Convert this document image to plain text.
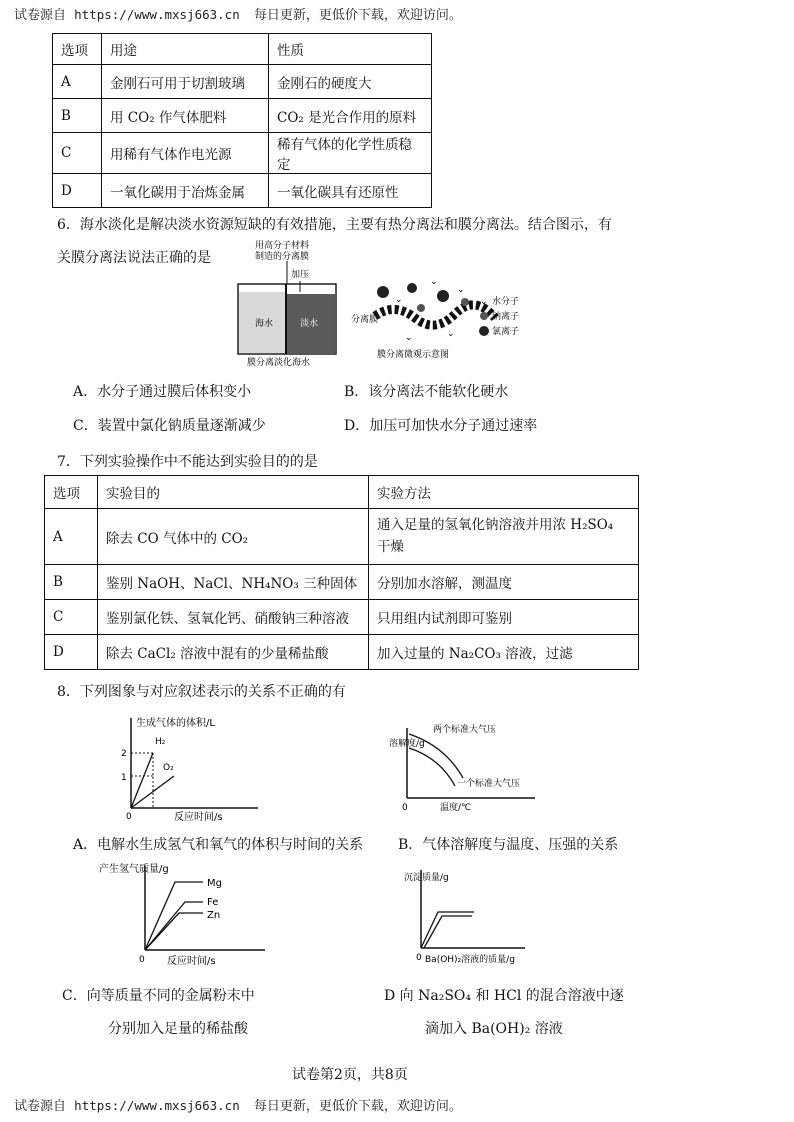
试卷源自 https://www.mxsj663.cn 每日更新，更低价下载，欢迎访问。
选项	用途	性质
A	金刚石可用于切割玻璃	金刚石的硬度大
B	用 CO₂ 作气体肥料	CO₂ 是光合作用的原料
C	用稀有气体作电光源	稀有气体的化学性质稳定
D	一氧化碳用于冶炼金属	一氧化碳具有还原性
6．海水淡化是解决淡水资源短缺的有效措施，主要有热分离法和膜分离法。结合图示，有
关膜分离法说法正确的是
用高分子材料
制造的分离膜
加压
海水	淡水
膜分离淡化海水
分离膜
⌄
⌄
⌄
⌄	⌄
膜分离微观示意图
⌄ 水分子
钠离子
氯离子
A．水分子通过膜后体积变小	B．该分离法不能软化硬水
C．装置中氯化钠质量逐渐减少	D．加压可加快水分子通过速率
7．下列实验操作中不能达到实验目的的是
选项	实验目的	实验方法
A	除去 CO 气体中的 CO₂	通入足量的氢氧化钠溶液并用浓 H₂SO₄ 干燥
B	鉴别 NaOH、NaCl、NH₄NO₃ 三种固体	分别加水溶解，测温度
C	鉴别氯化铁、氢氧化钙、硝酸钠三种溶液	只用组内试剂即可鉴别
D	除去 CaCl₂ 溶液中混有的少量稀盐酸	加入过量的 Na₂CO₃ 溶液，过滤
8．下列图象与对应叙述表示的关系不正确的有
生成气体的体积/L
反应时间/s
0
1
2
H₂
O₂
A．电解水生成氢气和氧气的体积与时间的关系
溶解度/g
温度/℃
0
两个标准大气压
一个标准大气压
B．气体溶解度与温度、压强的关系
产生氢气质量/g
反应时间/s
0
Mg
Fe
Zn
C．向等质量不同的金属粉末中
分别加入足量的稀盐酸
沉淀质量/g
Ba(OH)₂溶液的质量/g
0
D 向 Na₂SO₄ 和 HCl 的混合溶液中逐
滴加入 Ba(OH)₂ 溶液
试卷第2页，共8页
试卷源自 https://www.mxsj663.cn 每日更新，更低价下载，欢迎访问。
